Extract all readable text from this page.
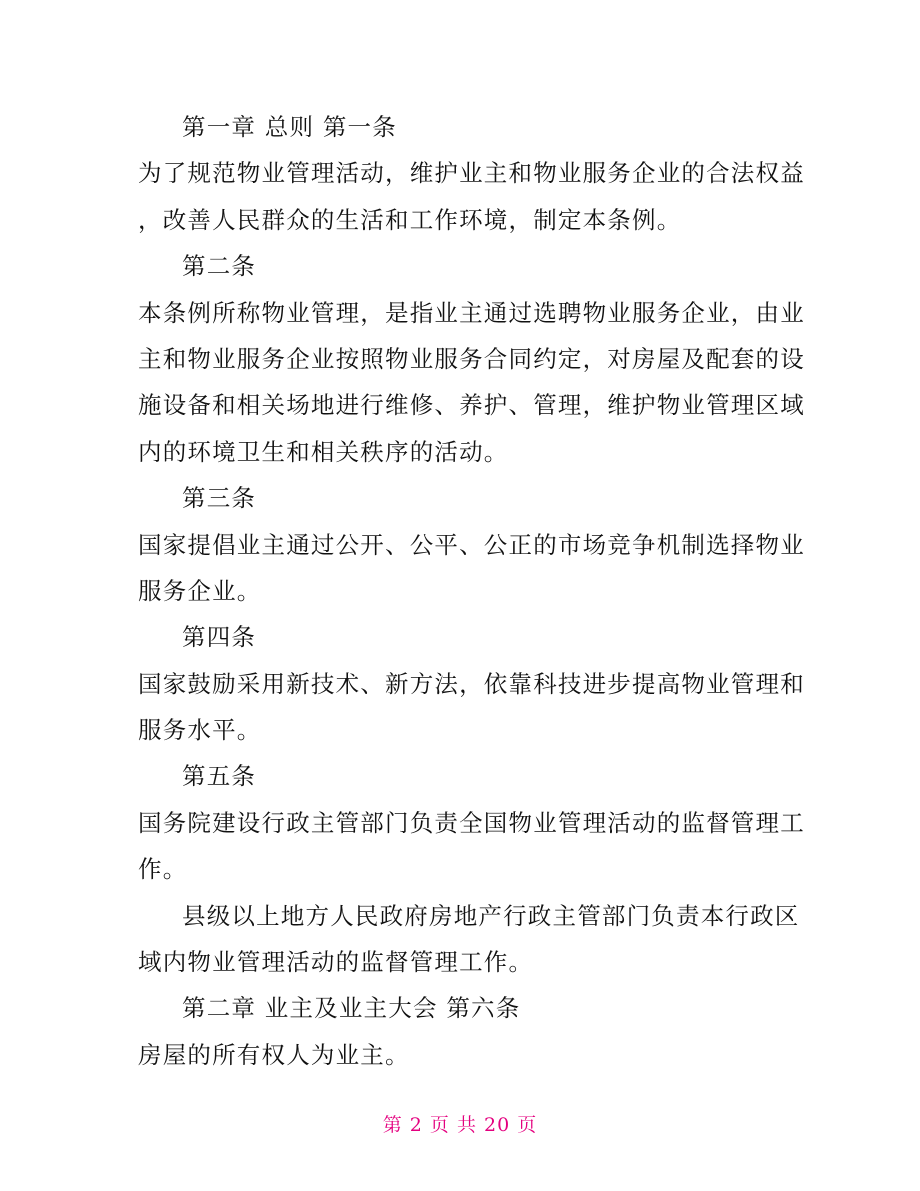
第一章 总则 第一条
为了规范物业管理活动，维护业主和物业服务企业的合法权益
，改善人民群众的生活和工作环境，制定本条例。
第二条
本条例所称物业管理，是指业主通过选聘物业服务企业，由业
主和物业服务企业按照物业服务合同约定，对房屋及配套的设
施设备和相关场地进行维修、养护、管理，维护物业管理区域
内的环境卫生和相关秩序的活动。
第三条
国家提倡业主通过公开、公平、公正的市场竞争机制选择物业
服务企业。
第四条
国家鼓励采用新技术、新方法，依靠科技进步提高物业管理和
服务水平。
第五条
国务院建设行政主管部门负责全国物业管理活动的监督管理工
作。
县级以上地方人民政府房地产行政主管部门负责本行政区
域内物业管理活动的监督管理工作。
第二章 业主及业主大会 第六条
房屋的所有权人为业主。
第 2 页 共 20 页
